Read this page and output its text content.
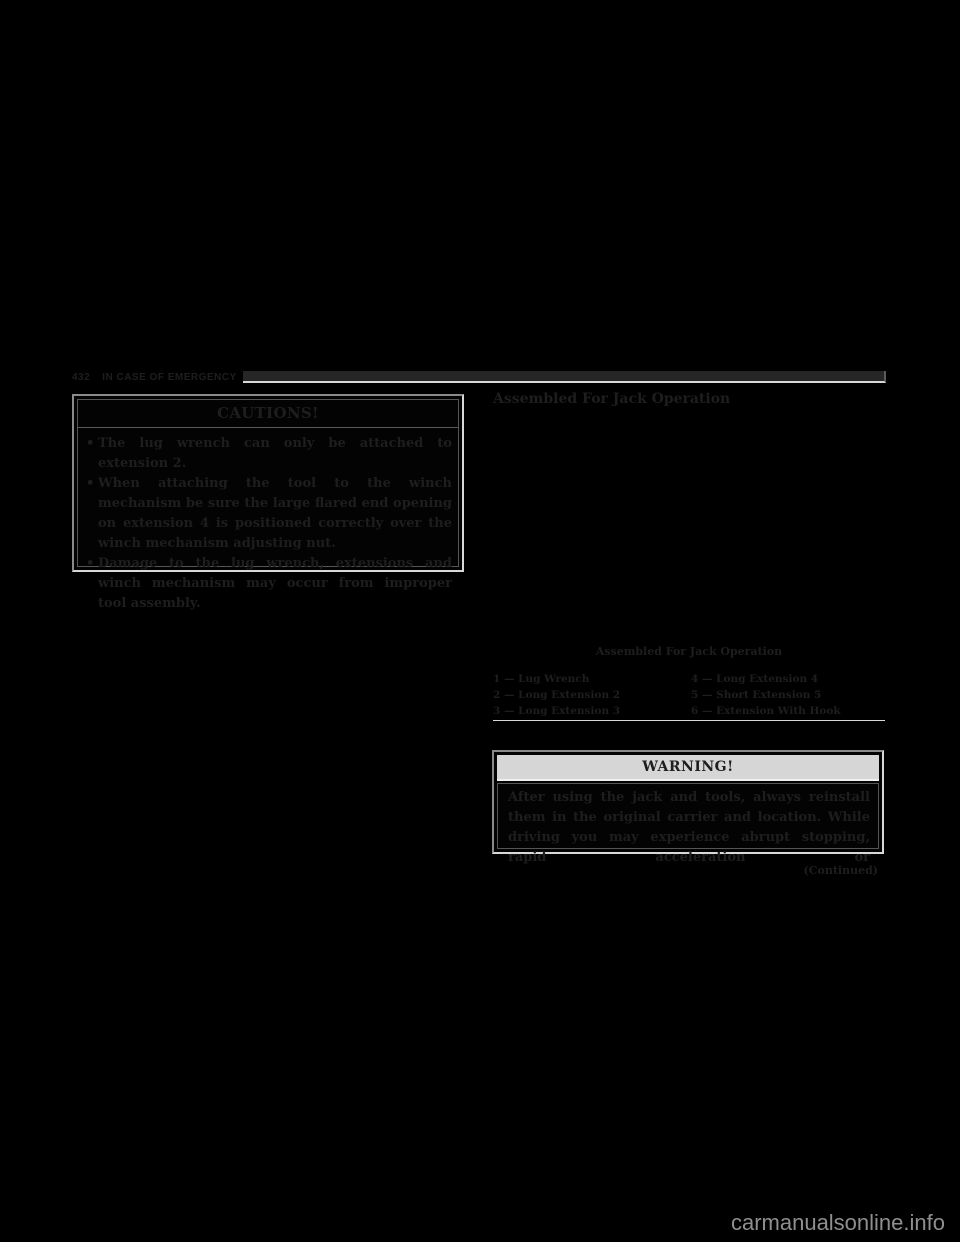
432 IN CASE OF EMERGENCY
CAUTIONS!
• The lug wrench can only be attached to extension 2.
• When attaching the tool to the winch mechanism be sure the large flared end opening on extension 4 is positioned correctly over the winch mechanism adjusting nut.
• Damage to the lug wrench, extensions and winch mechanism may occur from improper tool assembly.
Assembled For Jack Operation
Assembled For Jack Operation
1 — Lug Wrench	4 — Long Extension 4
2 — Long Extension 2	5 — Short Extension 5
3 — Long Extension 3	6 — Extension With Hook
WARNING!
After using the jack and tools, always reinstall them in the original carrier and location. While driving you may experience abrupt stopping, rapid acceleration or
(Continued)
carmanualsonline.info
